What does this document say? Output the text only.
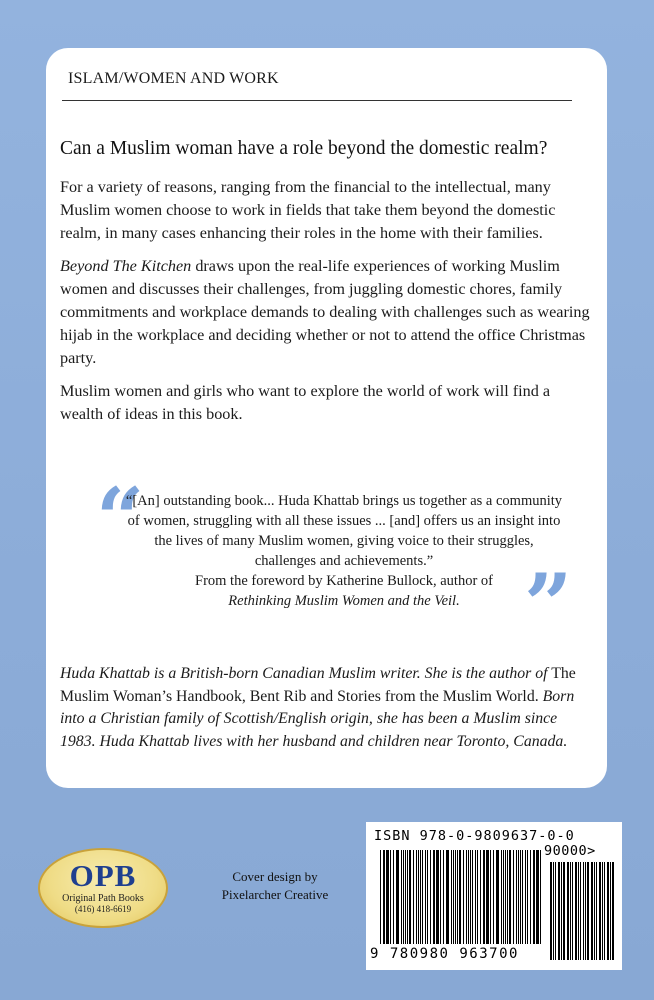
ISLAM/WOMEN AND WORK
Can a Muslim woman have a role beyond the domestic realm?

For a variety of reasons, ranging from the financial to the intellectual, many Muslim women choose to work in fields that take them beyond the domestic realm, in many cases enhancing their roles in the home with their families.

Beyond The Kitchen draws upon the real-life experiences of working Muslim women and discusses their challenges, from juggling domestic chores, family commitments and workplace demands to dealing with challenges such as wearing hijab in the workplace and deciding whether or not to attend the office Christmas party.

Muslim women and girls who want to explore the world of work will find a wealth of ideas in this book.

“
“[An] outstanding book... Huda Khattab brings us together as a community of women, struggling with all these issues ... [and] offers us an insight into the lives of many Muslim women, giving voice to their struggles, challenges and achievements.”
From the foreword by Katherine Bullock, author of
Rethinking Muslim Women and the Veil. ”
Huda Khattab is a British-born Canadian Muslim writer. She is the author of The Muslim Woman’s Handbook, Bent Rib and Stories from the Muslim World. Born into a Christian family of Scottish/English origin, she has been a Muslim since 1983. Huda Khattab lives with her husband and children near Toronto, Canada.
OPB
Original Path Books
(416) 418-6619
Cover design by
Pixelarcher Creative
ISBN 978-0-9809637-0-0
90000>
9 780980 963700
